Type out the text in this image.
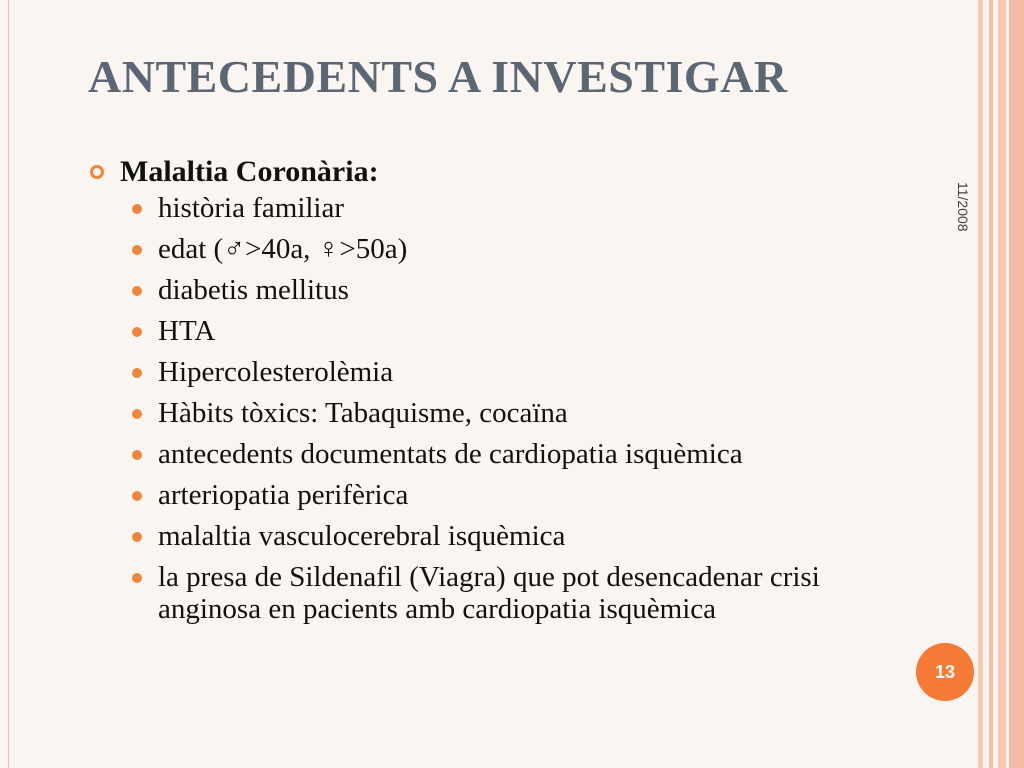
ANTECEDENTS A INVESTIGAR
Malaltia Coronària:
història familiar
edat (♂>40a, ♀>50a)
diabetis mellitus
HTA
Hipercolesterolèmia
Hàbits tòxics: Tabaquisme, cocaïna
antecedents documentats de cardiopatia isquèmica
arteriopatia perifèrica
malaltia vasculocerebral isquèmica
la presa de Sildenafil (Viagra) que pot desencadenar crisi anginosa en pacients amb cardiopatia isquèmica
11/2008
13
